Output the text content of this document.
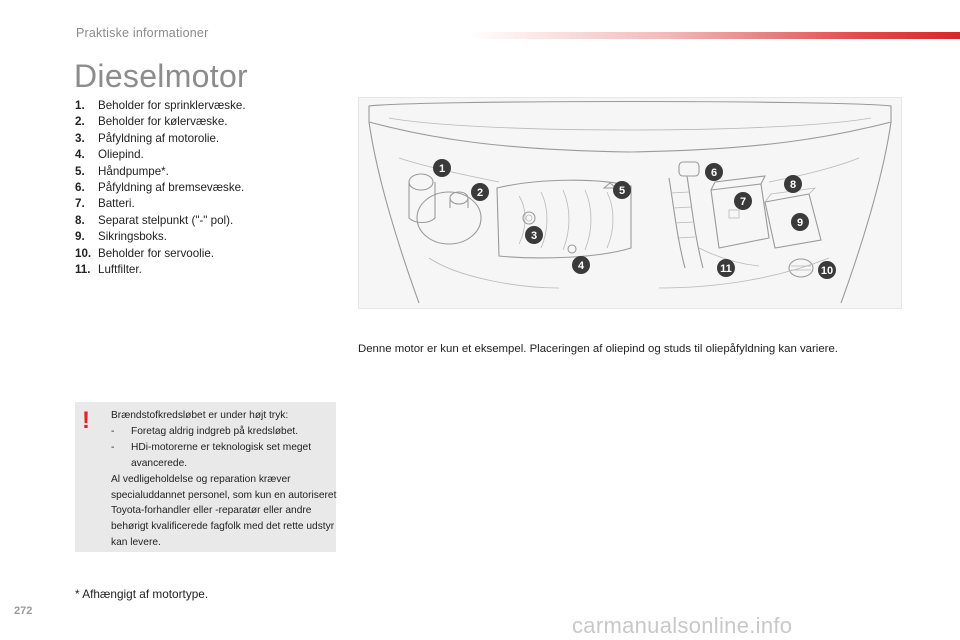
Praktiske informationer
Dieselmotor
1.	Beholder for sprinklervæske.
2.	Beholder for kølervæske.
3.	Påfyldning af motorolie.
4.	Oliepind.
5.	Håndpumpe*.
6.	Påfyldning af bremsevæske.
7.	Batteri.
8.	Separat stelpunkt ("-" pol).
9.	Sikringsboks.
10. Beholder for servoolie.
11. Luftfilter.
1
2
3
4
5
6
7
8
9
10
11
Denne motor er kun et eksempel. Placeringen af oliepind og studs til oliepåfyldning kan variere.
!	Brændstofkredsløbet er under højt tryk:
-	Foretag aldrig indgreb på kredsløbet.
-	HDi-motorerne er teknologisk set meget avancerede.
Al vedligeholdelse og reparation kræver specialuddannet personel, som kun en autoriseret Toyota-forhandler eller -reparatør eller andre behørigt kvalificerede fagfolk med det rette udstyr kan levere.
* Afhængigt af motortype.
272
carmanualsonline.info
